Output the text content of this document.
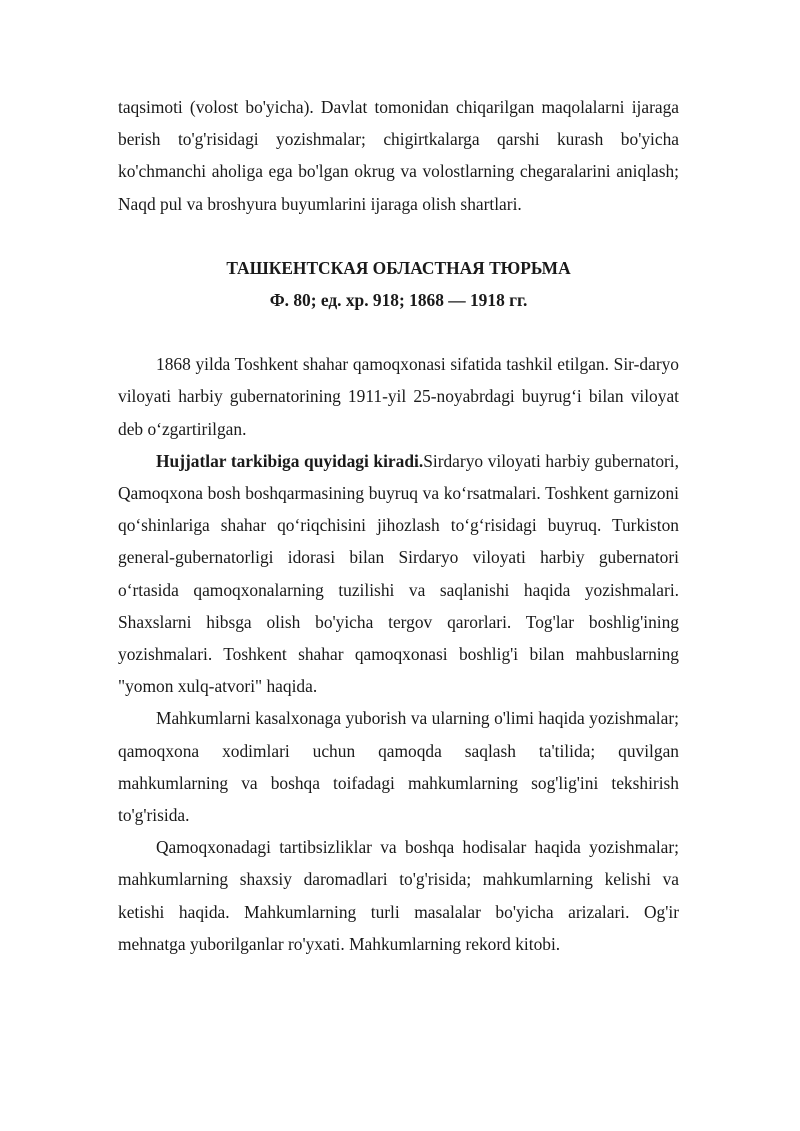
taqsimoti (volost bo'yicha). Davlat tomonidan chiqarilgan maqolalarni ijaraga berish to'g'risidagi yozishmalar; chigirtkalarga qarshi kurash bo'yicha ko'chmanchi aholiga ega bo'lgan okrug va volostlarning chegaralarini aniqlash; Naqd pul va broshyura buyumlarini ijaraga olish shartlari.

ТАШКЕНТСКАЯ ОБЛАСТНАЯ ТЮРЬМА
Ф. 80; ед. хр. 918; 1868 — 1918 гг.

1868 yilda Toshkent shahar qamoqxonasi sifatida tashkil etilgan. Sir-daryo viloyati harbiy gubernatorining 1911-yil 25-noyabrdagi buyrug‘i bilan viloyat deb o‘zgartirilgan.

Hujjatlar tarkibiga quyidagi kiradi.Sirdaryo viloyati harbiy gubernatori, Qamoqxona bosh boshqarmasining buyruq va ko‘rsatmalari. Toshkent garnizoni qo‘shinlariga shahar qo‘riqchisini jihozlash to‘g‘risidagi buyruq. Turkiston general-gubernatorligi idorasi bilan Sirdaryo viloyati harbiy gubernatori o‘rtasida qamoqxonalarning tuzilishi va saqlanishi haqida yozishmalari. Shaxslarni hibsga olish bo'yicha tergov qarorlari. Tog'lar boshlig'ining yozishmalari. Toshkent shahar qamoqxonasi boshlig'i bilan mahbuslarning "yomon xulq-atvori" haqida.

Mahkumlarni kasalxonaga yuborish va ularning o'limi haqida yozishmalar; qamoqxona xodimlari uchun qamoqda saqlash ta'tilida; quvilgan mahkumlarning va boshqa toifadagi mahkumlarning sog'lig'ini tekshirish to'g'risida.

Qamoqxonadagi tartibsizliklar va boshqa hodisalar haqida yozishmalar; mahkumlarning shaxsiy daromadlari to'g'risida; mahkumlarning kelishi va ketishi haqida. Mahkumlarning turli masalalar bo'yicha arizalari. Og'ir mehnatga yuborilganlar ro'yxati. Mahkumlarning rekord kitobi.
